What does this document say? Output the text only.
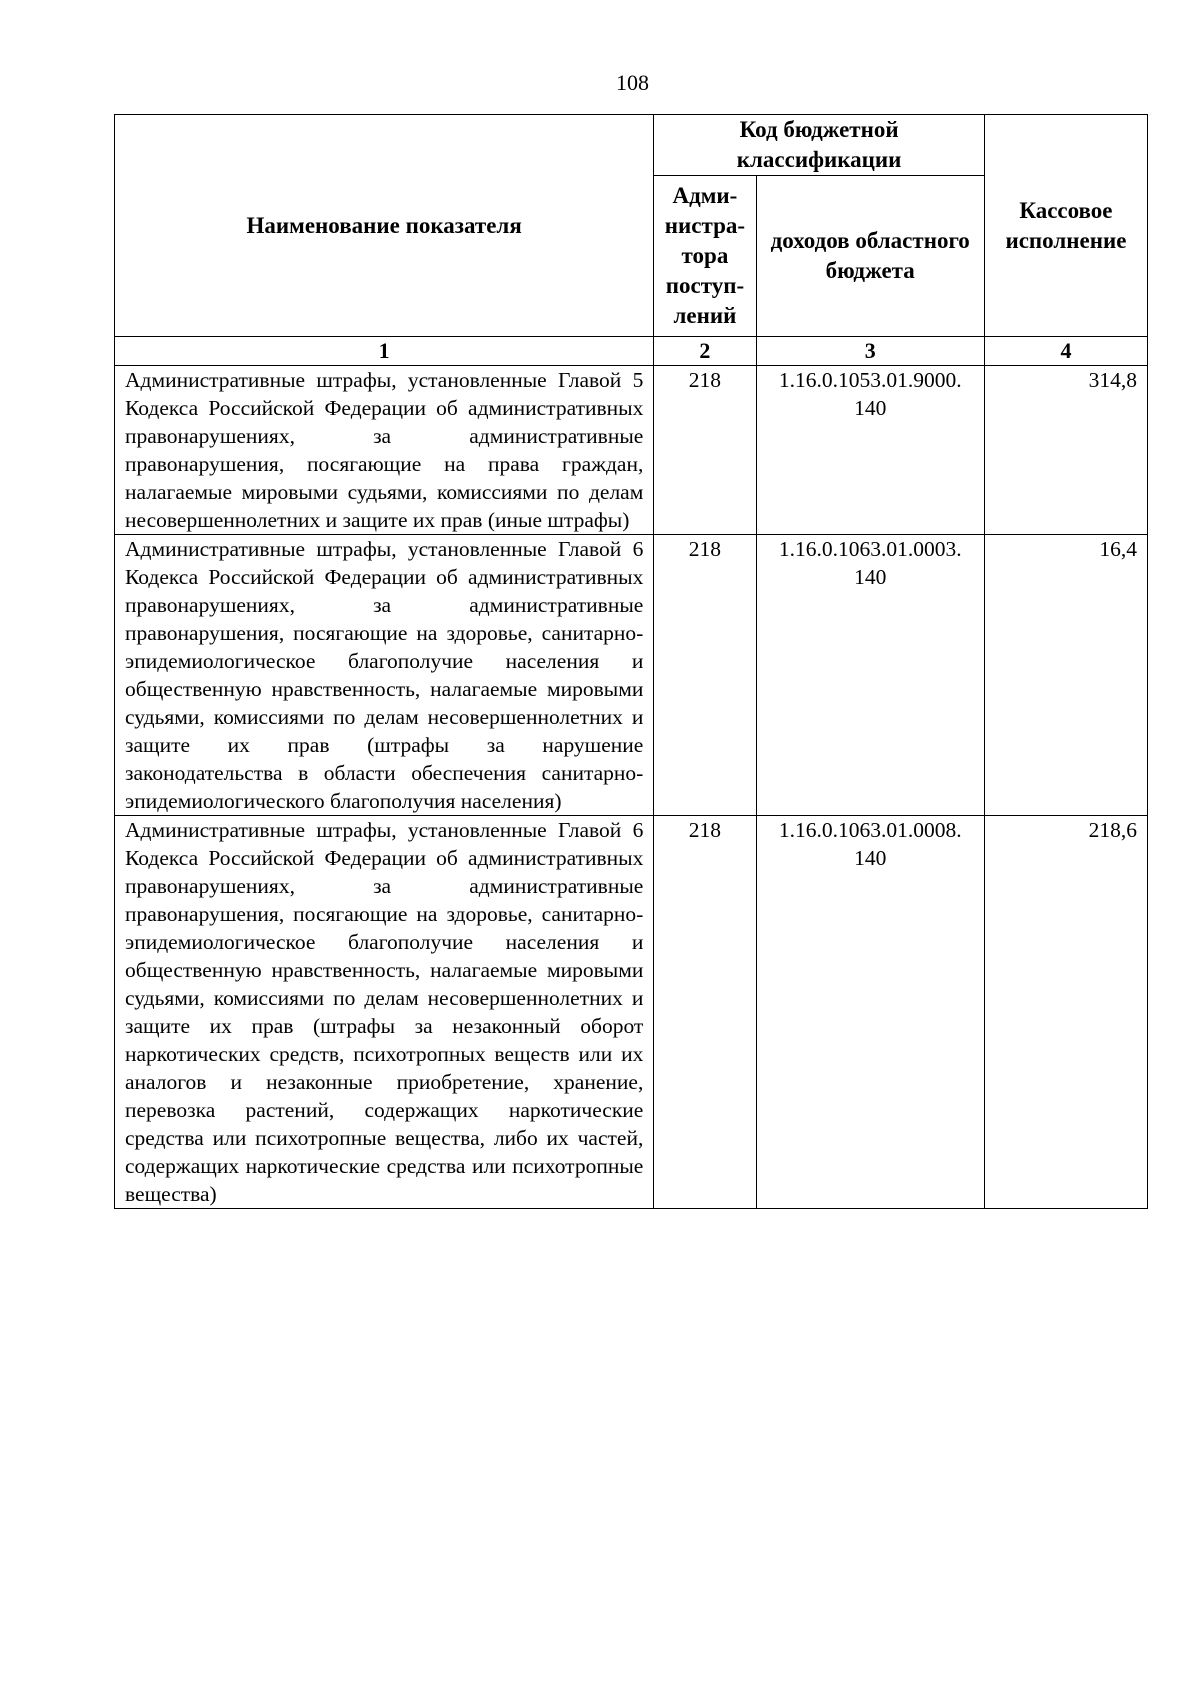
108
Наименование показателя	Код бюджетной классификации		Кассовое исполнение
	Адми-нистра-тора поступ-лений	доходов областного бюджета	
1	2	3	4
Административные штрафы, установленные Главой 5 Кодекса Российской Федерации об административных правонарушениях, за административные правонарушения, посягающие на права граждан, налагаемые мировыми судьями, комиссиями по делам несовершеннолетних и защите их прав (иные штрафы)	218	1.16.0.1053.01.9000. 140	314,8
Административные штрафы, установленные Главой 6 Кодекса Российской Федерации об административных правонарушениях, за административные правонарушения, посягающие на здоровье, санитарно-эпидемиологическое благополучие населения и общественную нравственность, налагаемые мировыми судьями, комиссиями по делам несовершеннолетних и защите их прав (штрафы за нарушение законодательства в области обеспечения санитарно-эпидемиологического благополучия населения)	218	1.16.0.1063.01.0003. 140	16,4
Административные штрафы, установленные Главой 6 Кодекса Российской Федерации об административных правонарушениях, за административные правонарушения, посягающие на здоровье, санитарно-эпидемиологическое благополучие населения и общественную нравственность, налагаемые мировыми судьями, комиссиями по делам несовершеннолетних и защите их прав (штрафы за незаконный оборот наркотических средств, психотропных веществ или их аналогов и незаконные приобретение, хранение, перевозка растений, содержащих наркотические средства или психотропные вещества, либо их частей, содержащих наркотические средства или психотропные вещества)	218	1.16.0.1063.01.0008. 140	218,6
